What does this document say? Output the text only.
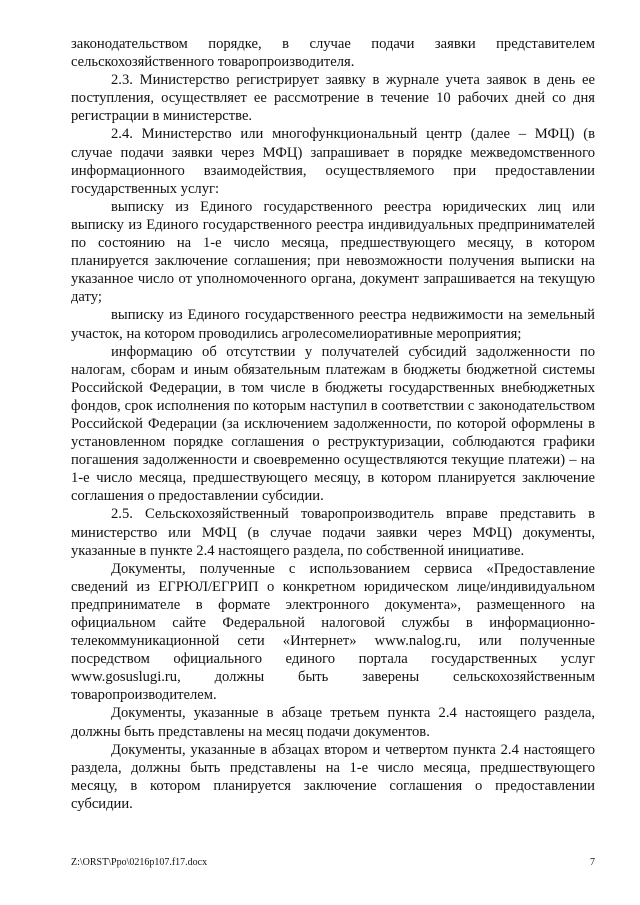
законодательством порядке, в случае подачи заявки представителем сельскохозяйственного товаропроизводителя.

2.3. Министерство регистрирует заявку в журнале учета заявок в день ее поступления, осуществляет ее рассмотрение в течение 10 рабочих дней со дня регистрации в министерстве.

2.4. Министерство или многофункциональный центр (далее – МФЦ) (в случае подачи заявки через МФЦ) запрашивает в порядке межведомственного информационного взаимодействия, осуществляемого при предоставлении государственных услуг:

выписку из Единого государственного реестра юридических лиц или выписку из Единого государственного реестра индивидуальных предпринимателей по состоянию на 1-е число месяца, предшествующего месяцу, в котором планируется заключение соглашения; при невозможности получения выписки на указанное число от уполномоченного органа, документ запрашивается на текущую дату;

выписку из Единого государственного реестра недвижимости на земельный участок, на котором проводились агролесомелиоративные мероприятия;

информацию об отсутствии у получателей субсидий задолженности по налогам, сборам и иным обязательным платежам в бюджеты бюджетной системы Российской Федерации, в том числе в бюджеты государственных внебюджетных фондов, срок исполнения по которым наступил в соответствии с законодательством Российской Федерации (за исключением задолженности, по которой оформлены в установленном порядке соглашения о реструктуризации, соблюдаются графики погашения задолженности и своевременно осуществляются текущие платежи) – на 1-е число месяца, предшествующего месяцу, в котором планируется заключение соглашения о предоставлении субсидии.

2.5. Сельскохозяйственный товаропроизводитель вправе представить в министерство или МФЦ (в случае подачи заявки через МФЦ) документы, указанные в пункте 2.4 настоящего раздела, по собственной инициативе.

Документы, полученные с использованием сервиса «Предоставление сведений из ЕГРЮЛ/ЕГРИП о конкретном юридическом лице/индивидуальном предпринимателе в формате электронного документа», размещенного на официальном сайте Федеральной налоговой службы в информационно-телекоммуникационной сети «Интернет» www.nalog.ru, или полученные посредством официального единого портала государственных услуг www.gosuslugi.ru, должны быть заверены сельскохозяйственным товаропроизводителем.

Документы, указанные в абзаце третьем пункта 2.4 настоящего раздела, должны быть представлены на месяц подачи документов.

Документы, указанные в абзацах втором и четвертом пункта 2.4 настоящего раздела, должны быть представлены на 1-е число месяца, предшествующего месяцу, в котором планируется заключение соглашения о предоставлении субсидии.

Z:\ORST\Ppo\0216p107.f17.docx	7
